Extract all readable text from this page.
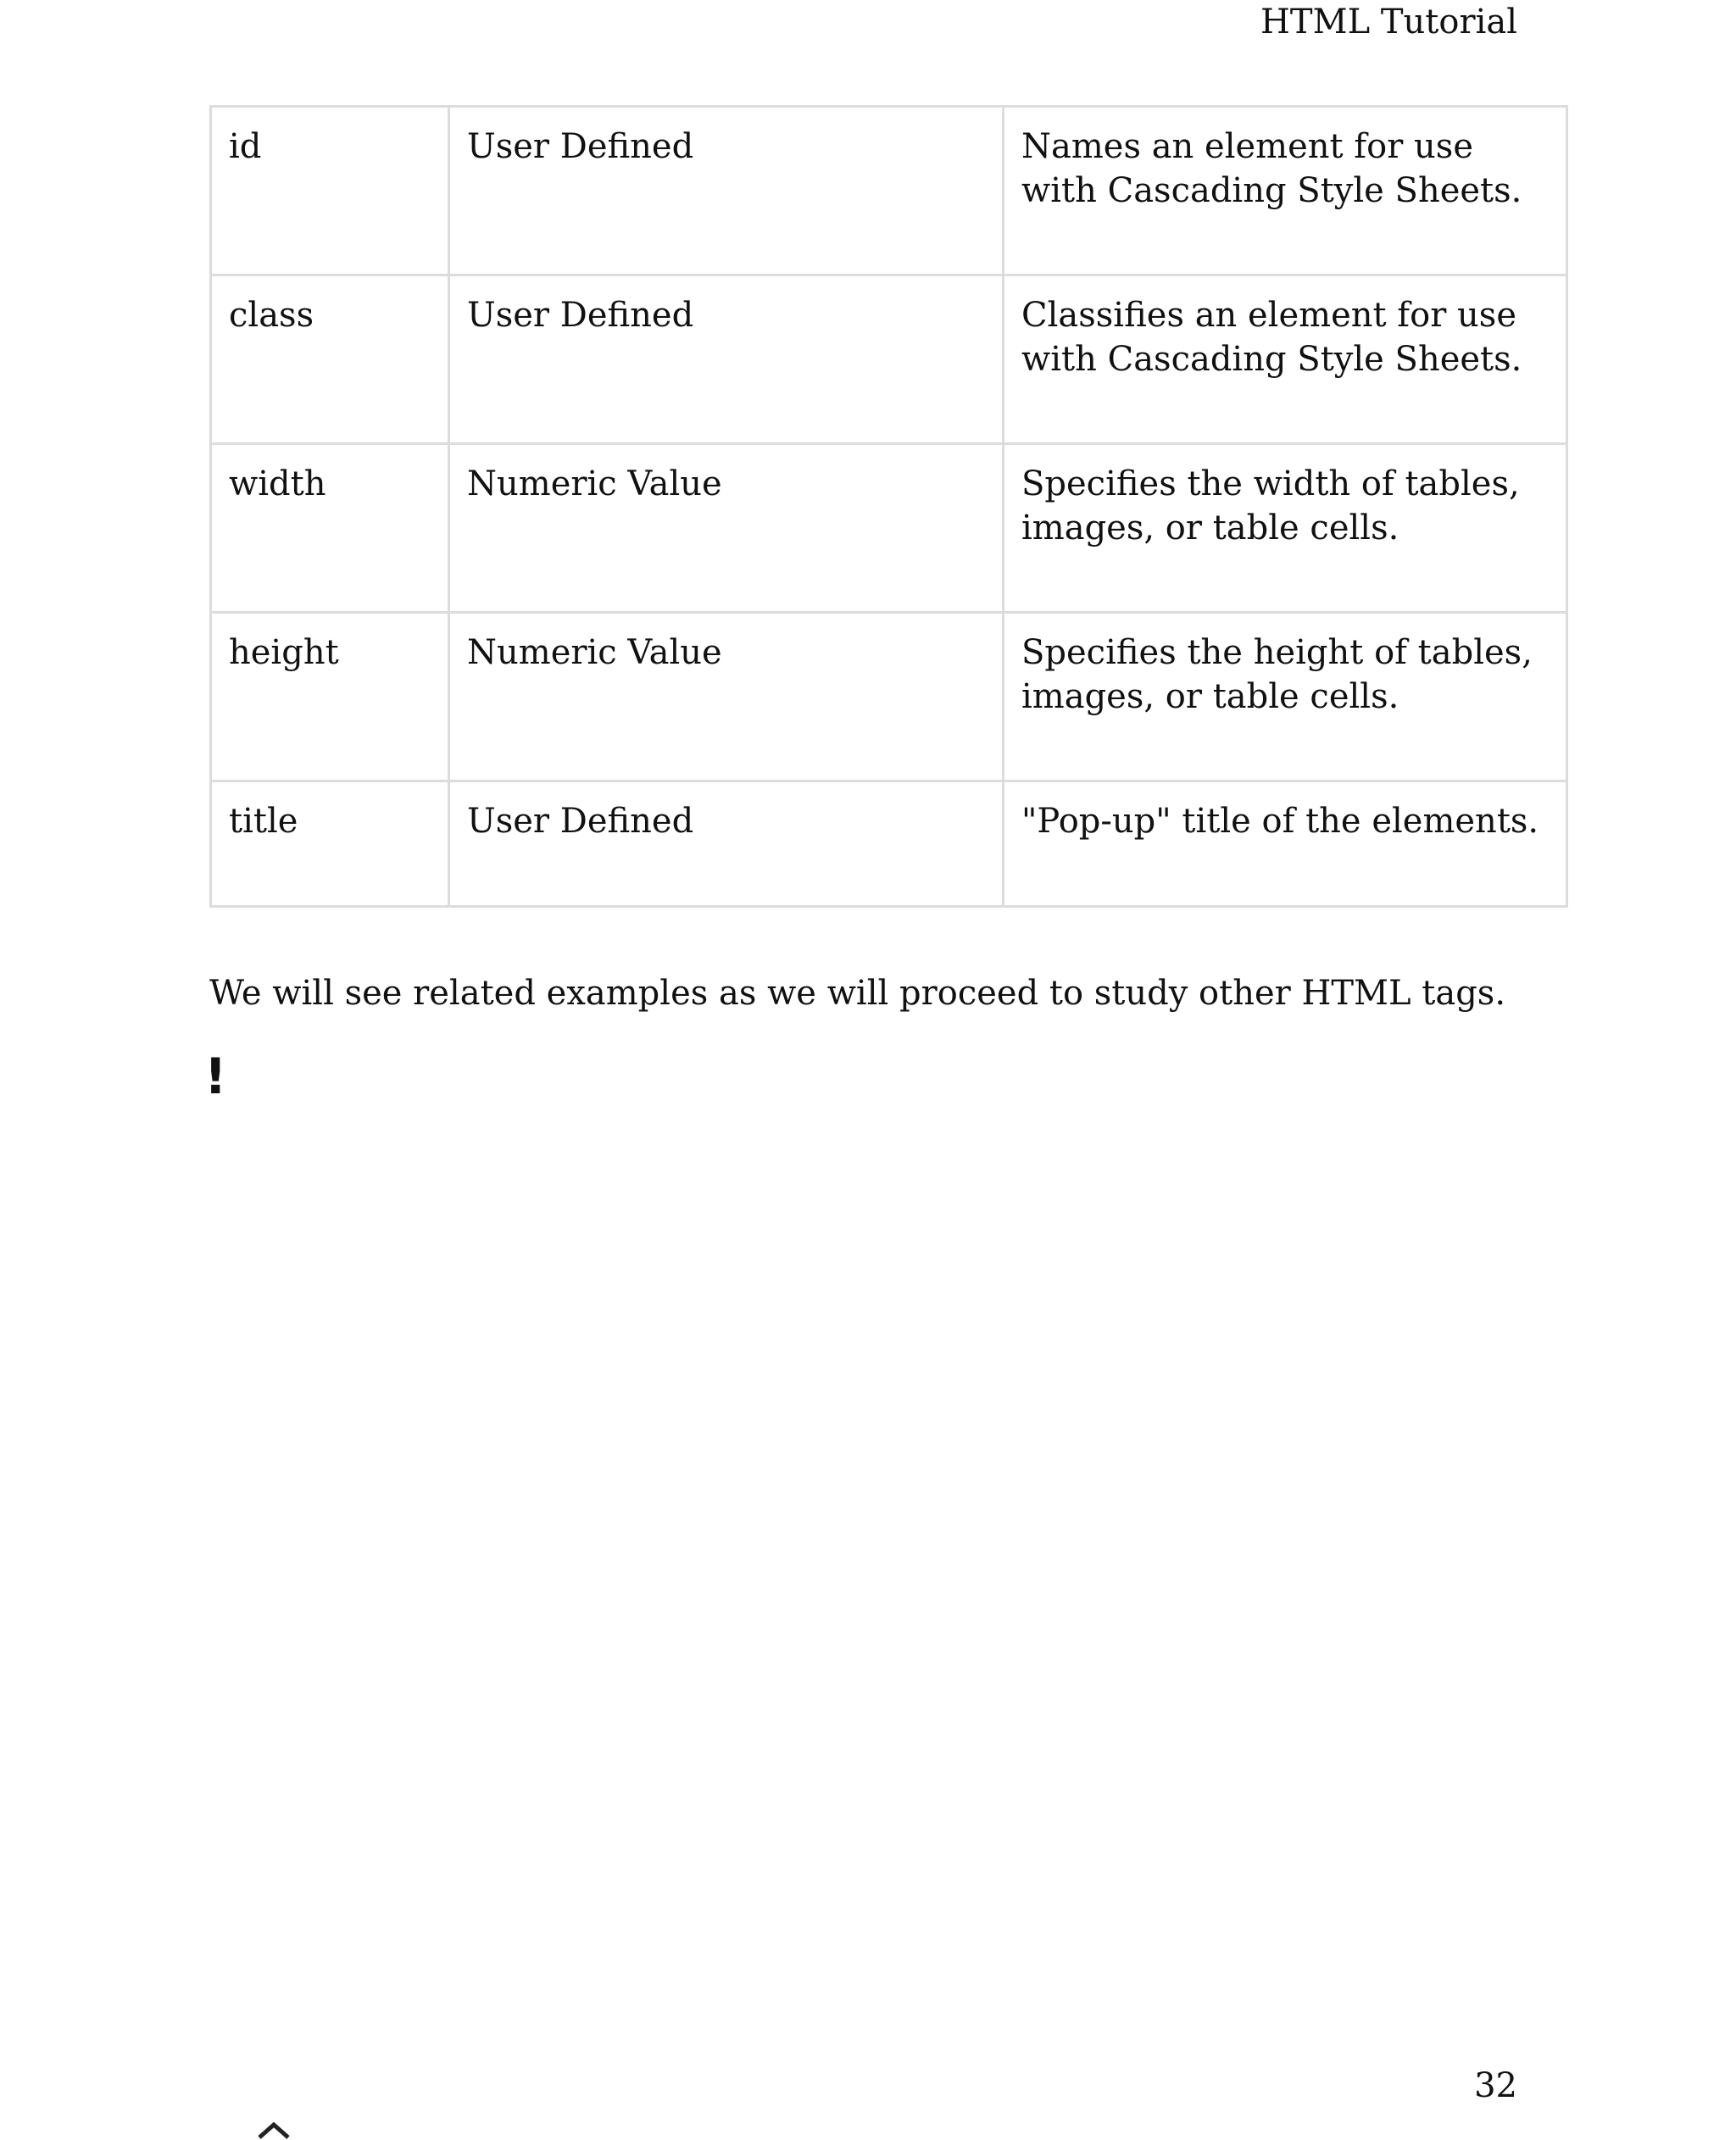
HTML Tutorial
id	User Defined	Names an element for use with Cascading Style Sheets.
class	User Defined	Classifies an element for use with Cascading Style Sheets.
width	Numeric Value	Specifies the width of tables, images, or table cells.
height	Numeric Value	Specifies the height of tables, images, or table cells.
title	User Defined	"Pop-up" title of the elements.
We will see related examples as we will proceed to study other HTML tags.
!
32
